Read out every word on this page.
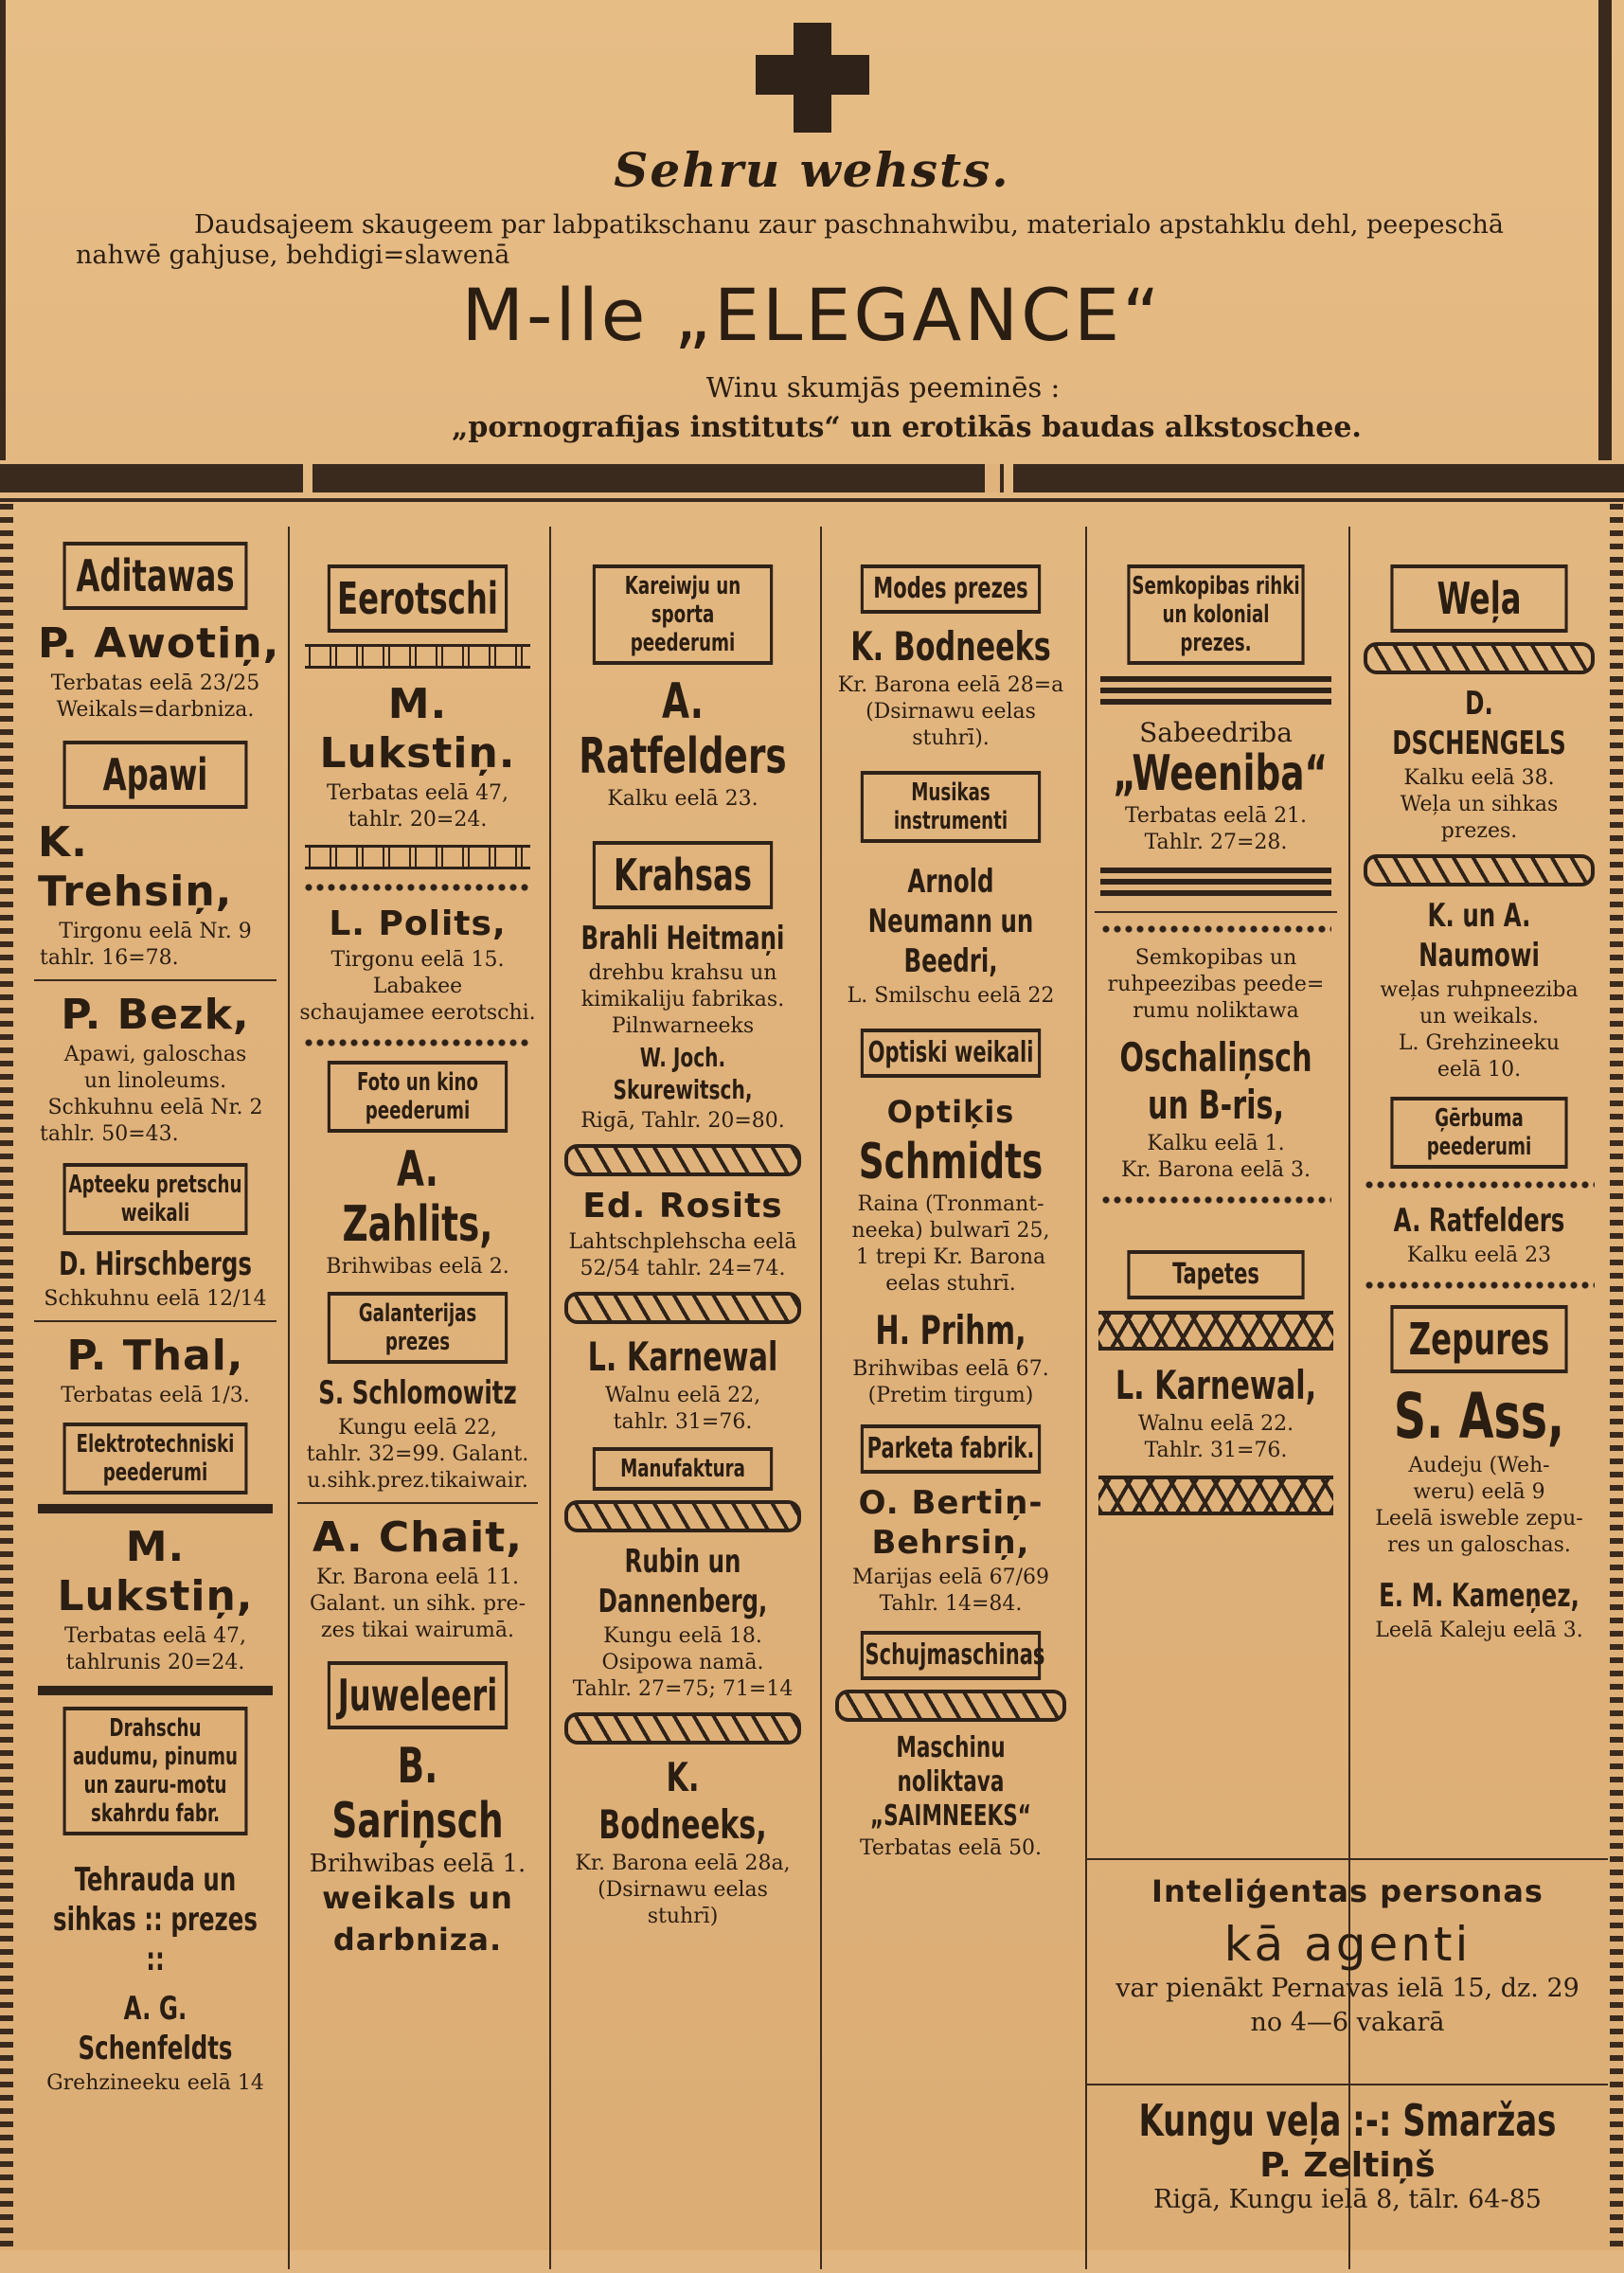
Sehru wehsts.
Daudsajeem skaugeem par labpatikschanu zaur paschnahwibu, materialo apstahklu dehl, peepeschā nahwē gahjuse, behdigi=slawenā
M-lle „ELEGANCE“
Winu skumjās peeminēs :
„pornografijas instituts“ un erotikās baudas alkstoschee.
Aditawas
P. Awotiņ,
Terbatas eelā 23/25
Weikals=darbniza.
Apawi
K. Trehsiņ,
Tirgonu eelā Nr. 9
tahlr. 16=78.
P. Bezk,
Apawi, galoschas
un linoleums.
Schkuhnu eelā Nr. 2
tahlr. 50=43.
Apteeku pretschu weikali
D. Hirschbergs
Schkuhnu eelā 12/14
P. Thal,
Terbatas eelā 1/3.
Elektrotechniski peederumi
M. Lukstiņ,
Terbatas eelā 47,
tahlrunis 20=24.
Drahschu audumu, pinumu un zauru-motu skahrdu fabr.
Tehrauda un sihkas :: prezes ::
A. G. Schenfeldts
Grehzineeku eelā 14
Eerotschi
M. Lukstiņ.
Terbatas eelā 47,
tahlr. 20=24.
L. Polits,
Tirgonu eelā 15.
Labakee
schaujamee eerotschi.
Foto un kino peederumi
A. Zahlits,
Brihwibas eelā 2.
Galanterijas prezes
S. Schlomowitz
Kungu eelā 22,
tahlr. 32=99. Galant.
u.sihk.prez.tikaiwair.
A. Chait,
Kr. Barona eelā 11.
Galant. un sihk. pre-
zes tikai wairumā.
Juweleeri
B. Sariņsch
Brihwibas eelā 1.
weikals un
darbniza.
Kareiwju un sporta peederumi
A. Ratfelders
Kalku eelā 23.
Krahsas
Brahli Heitmaņi
drehbu krahsu un
kimikaliju fabrikas.
Pilnwarneeks
W. Joch. Skurewitsch,
Rigā, Tahlr. 20=80.
Ed. Rosits
Lahtschplehscha eelā
52/54 tahlr. 24=74.
L. Karnewal
Walnu eelā 22,
tahlr. 31=76.
Manufaktura
Rubin un Dannenberg,
Kungu eelā 18.
Osipowa namā.
Tahlr. 27=75; 71=14
K. Bodneeks,
Kr. Barona eelā 28a,
(Dsirnawu eelas
stuhrī)
Modes prezes
K. Bodneeks
Kr. Barona eelā 28=a
(Dsirnawu eelas
stuhrī).
Musikas instrumenti
Arnold Neumann un Beedri,
L. Smilschu eelā 22
Optiski weikali
Optiķis
Schmidts
Raina (Tronmant-
neeka) bulwarī 25,
1 trepi Kr. Barona
eelas stuhrī.
H. Prihm,
Brihwibas eelā 67.
(Pretim tirgum)
Parketa fabrik.
O. Bertiņ-Behrsiņ,
Marijas eelā 67/69
Tahlr. 14=84.
Schujmaschinas
Maschinu noliktava „SAIMNEEKS“
Terbatas eelā 50.
Semkopibas rihki un kolonial prezes.
Sabeedriba
„Weeniba“
Terbatas eelā 21.
Tahlr. 27=28.
Semkopibas un
ruhpeezibas peede=
rumu noliktawa
Oschaliņsch un B-ris,
Kalku eelā 1.
Kr. Barona eelā 3.
Tapetes
L. Karnewal,
Walnu eelā 22.
Tahlr. 31=76.
Weļa
D. DSCHENGELS
Kalku eelā 38.
Weļa un sihkas
prezes.
K. un A. Naumowi
weļas ruhpneeziba
un weikals.
L. Grehzineeku
eelā 10.
Ģērbuma peederumi
A. Ratfelders
Kalku eelā 23
Zepures
S. Ass,
Audeju (Weh-
weru) eelā 9
Leelā isweble zepu-
res un galoschas.
E. M. Kameņez,
Leelā Kaleju eelā 3.
Inteliģentas personas
kā agenti
var pienākt Pernavas ielā 15, dz. 29
no 4—6 vakarā
Kungu veļa :-: Smaržas
P. Zeltiņš
Rigā, Kungu ielā 8, tālr. 64-85
